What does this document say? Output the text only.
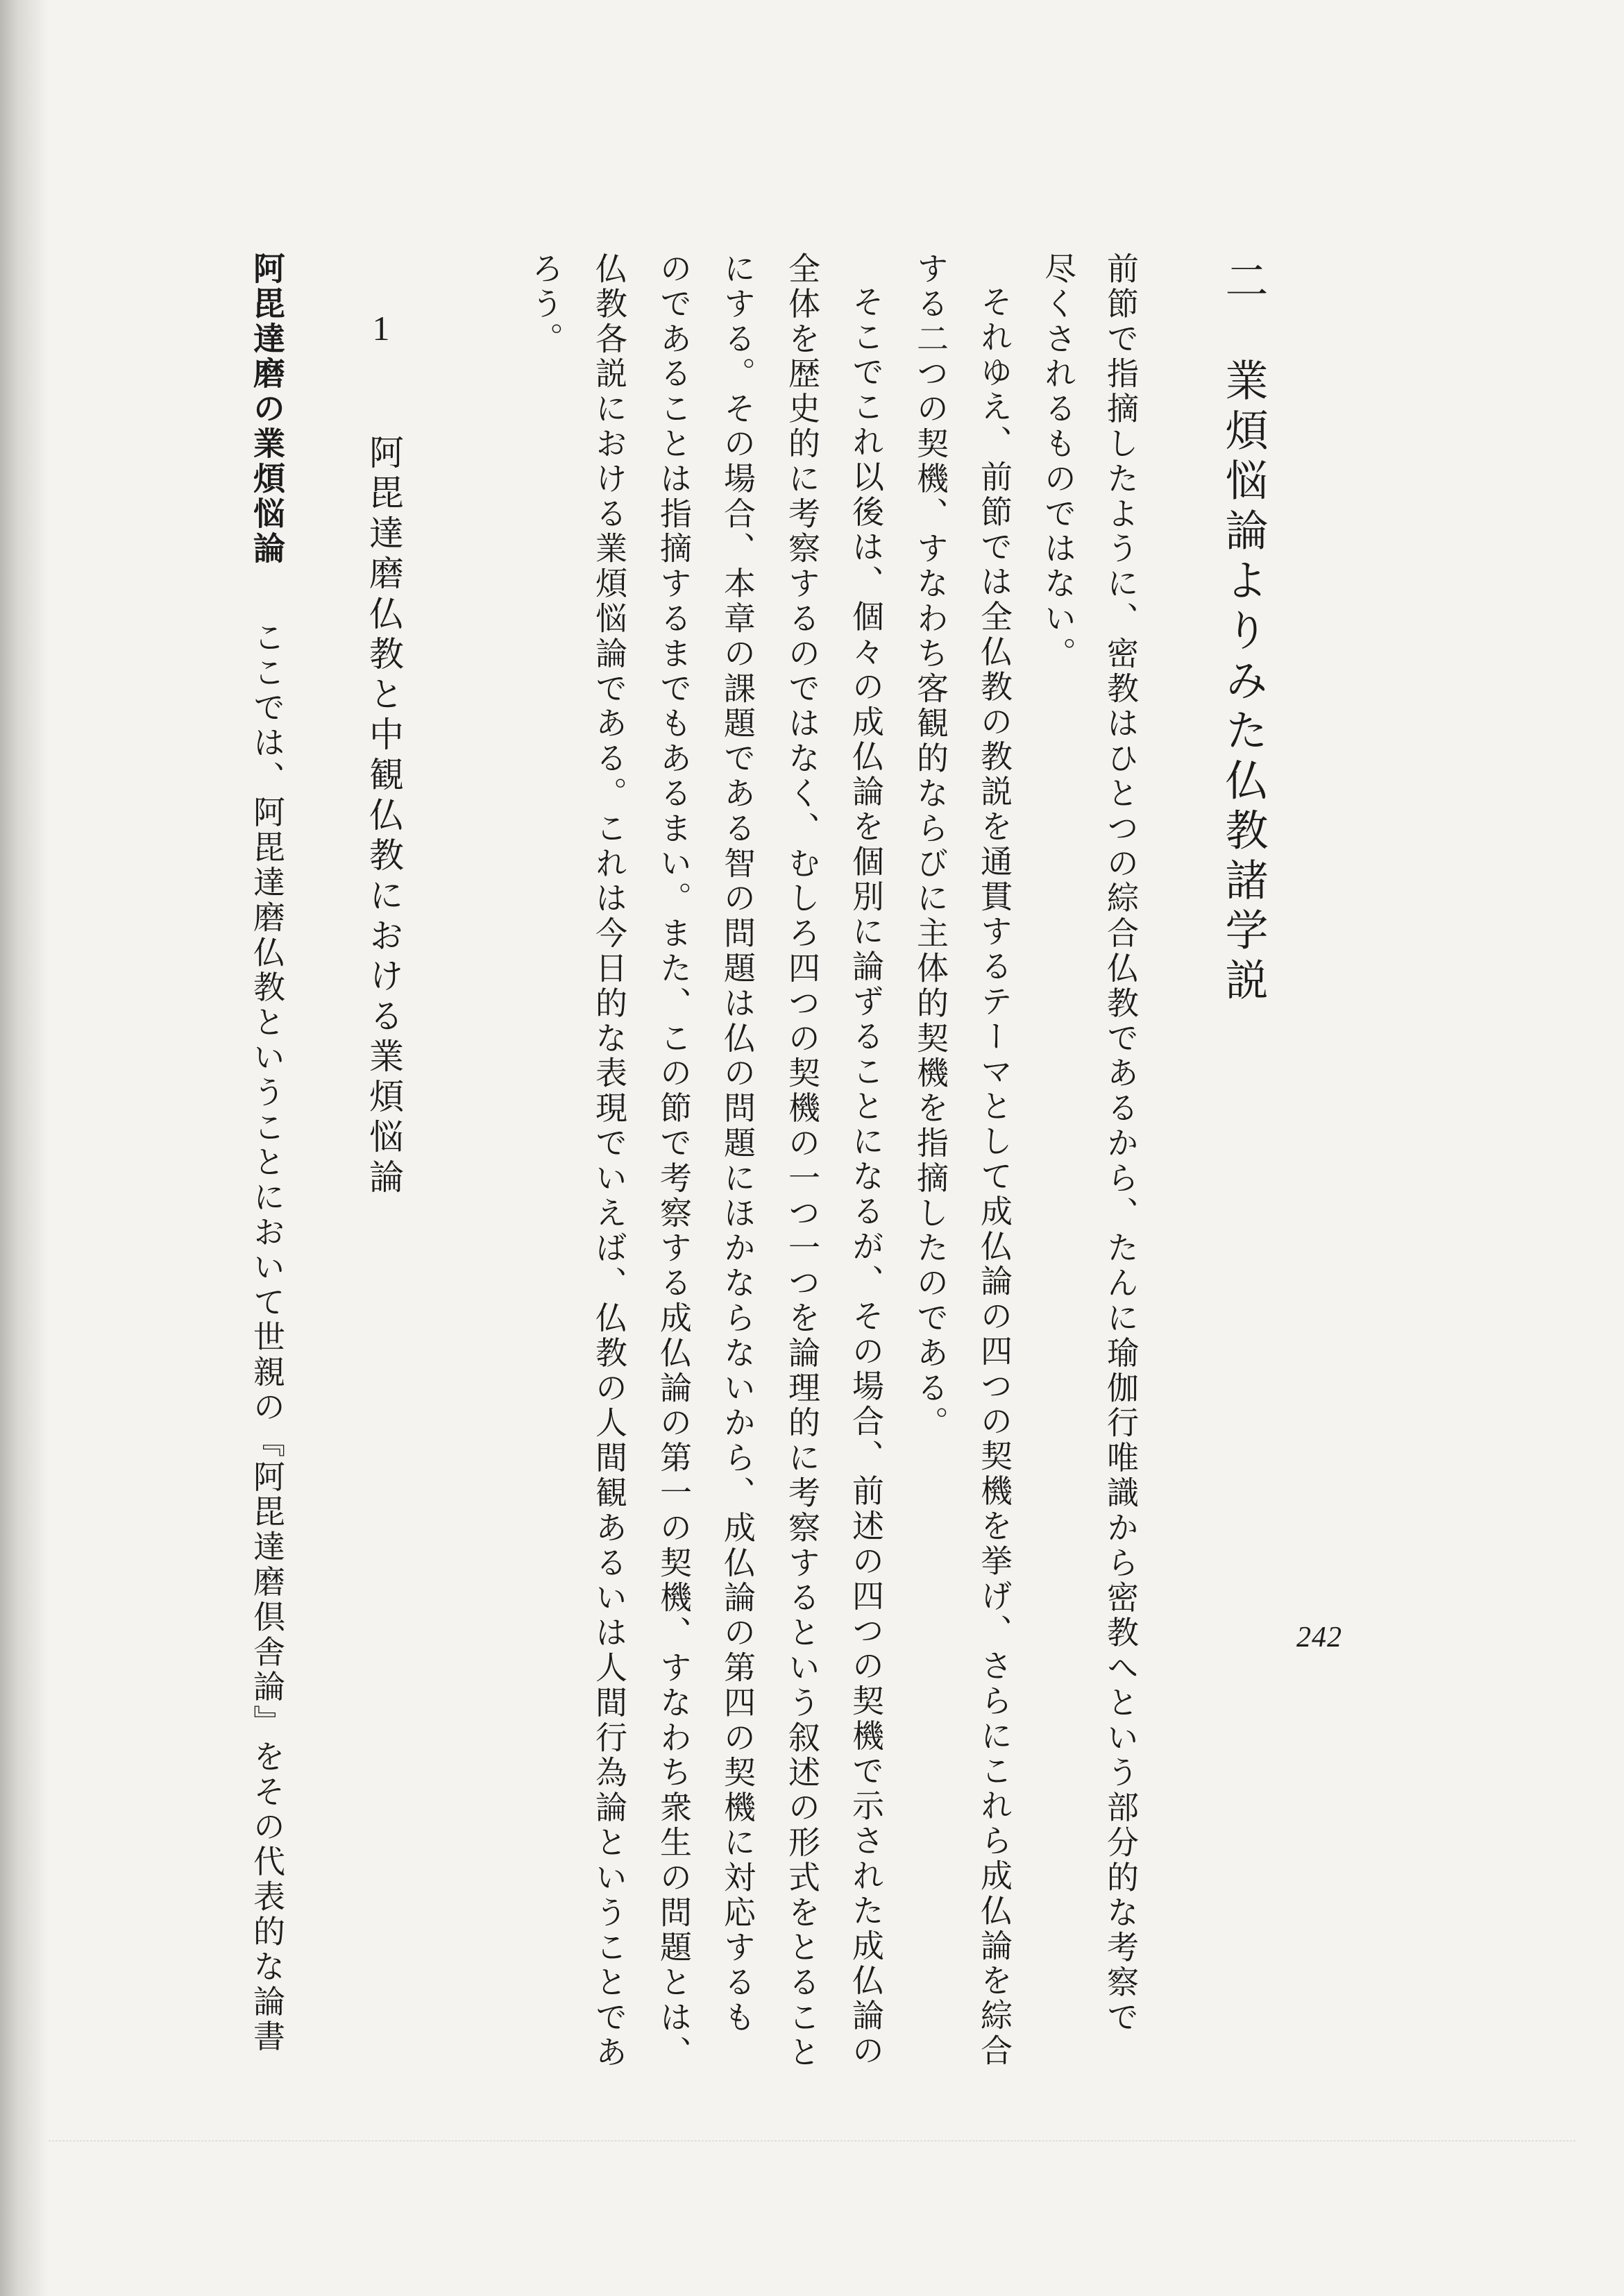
二　業煩悩論よりみた仏教諸学説
前節で指摘したように、密教はひとつの綜合仏教であるから、たんに瑜伽行唯識から密教へという部分的な考察で
尽くされるものではない。
それゆえ、前節では全仏教の教説を通貫するテーマとして成仏論の四つの契機を挙げ、さらにこれら成仏論を綜合
する二つの契機、すなわち客観的ならびに主体的契機を指摘したのである。
そこでこれ以後は、個々の成仏論を個別に論ずることになるが、その場合、前述の四つの契機で示された成仏論の
全体を歴史的に考察するのではなく、むしろ四つの契機の一つ一つを論理的に考察するという叙述の形式をとること
にする。その場合、本章の課題である智の問題は仏の問題にほかならないから、成仏論の第四の契機に対応するも
のであることは指摘するまでもあるまい。また、この節で考察する成仏論の第一の契機、すなわち衆生の問題とは、
仏教各説における業煩悩論である。これは今日的な表現でいえば、仏教の人間観あるいは人間行為論ということであ
ろう。
1  阿毘達磨仏教と中観仏教における業煩悩論
阿毘達磨の業煩悩論  ここでは、阿毘達磨仏教ということにおいて世親の『阿毘達磨倶舎論』をその代表的な論書	242
